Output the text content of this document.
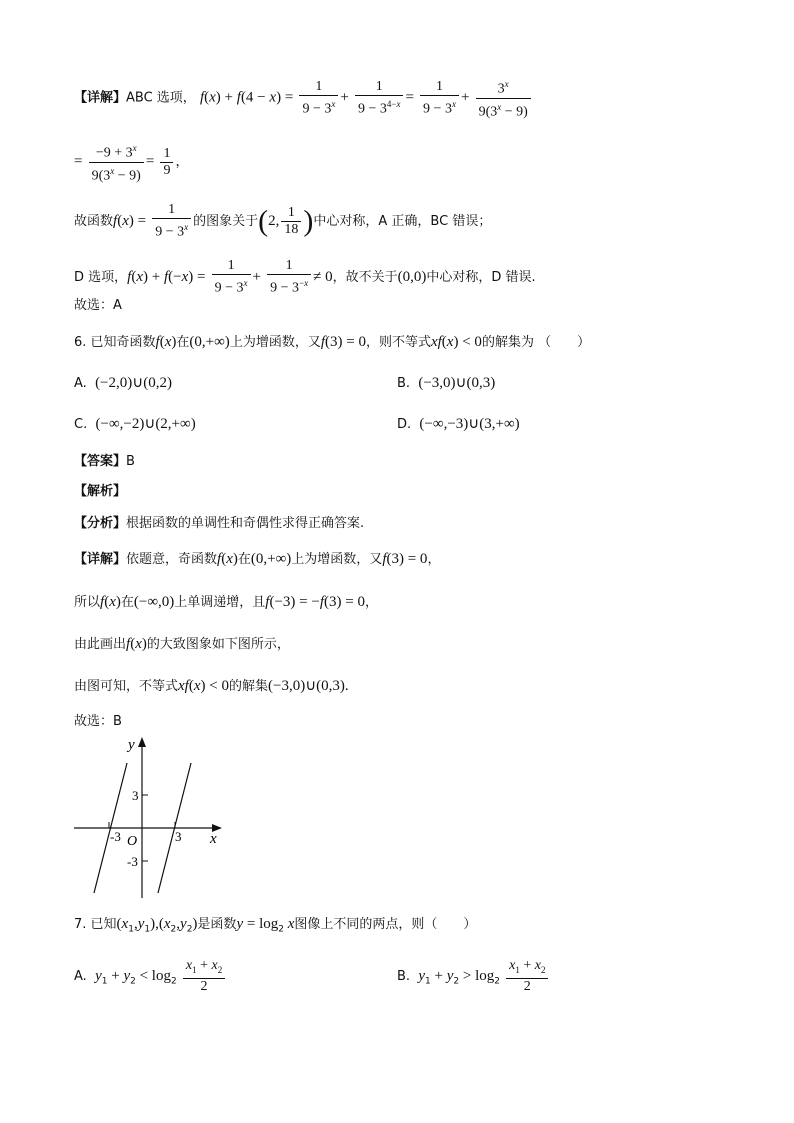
【详解】ABC 选项， $f(x) + f(4 - x) = \frac{1}{9 - 3^x} + \frac{1}{9 - 3^{4-x}} = \frac{1}{9 - 3^x} + \frac{3^x}{9(3^x - 9)}$
= $\frac{-9 + 3^x}{9(3^x - 9)} = \frac{1}{9}$ ，
故函数$f(x) = \frac{1}{9 - 3^x}$ 的图象关于(2, $\frac{1}{18}$ )中心对称，A 正确，BC 错误；
D 选项，$f(x) + f(-x) = \frac{1}{9 - 3^x} + \frac{1}{9 - 3^{-x}} \ne 0$，故不关于(0,0)中心对称，D 错误.
故选：A
6. 已知奇函数f(x)在(0,+∞)上为增函数，又f(3) = 0，则不等式xf(x) < 0的解集为 （　　）
A. (−2,0)∪(0,2)	B. (−3,0)∪(0,3)
C. (−∞,−2)∪(2,+∞)	D. (−∞,−3)∪(3,+∞)
【答案】B
【解析】
【分析】根据函数的单调性和奇偶性求得正确答案.
【详解】依题意，奇函数f(x)在(0,+∞)上为增函数，又f(3) = 0，
所以f(x)在(−∞,0)上单调递增，且f(−3) = −f(3) = 0，
由此画出f(x)的大致图象如下图所示，
由图可知，不等式xf(x) < 0的解集(−3,0)∪(0,3).
故选：B
y
x
O
3
-3
-3	3
7. 已知$(x_1,y_1),(x_2,y_2)$是函数$y = \log_2 x$图像上不同的两点，则（　　）
A. $y_1 + y_2 < \log_2 \frac{x_1 + x_2}{2}$	B. $y_1 + y_2 > \log_2 \frac{x_1 + x_2}{2}$
